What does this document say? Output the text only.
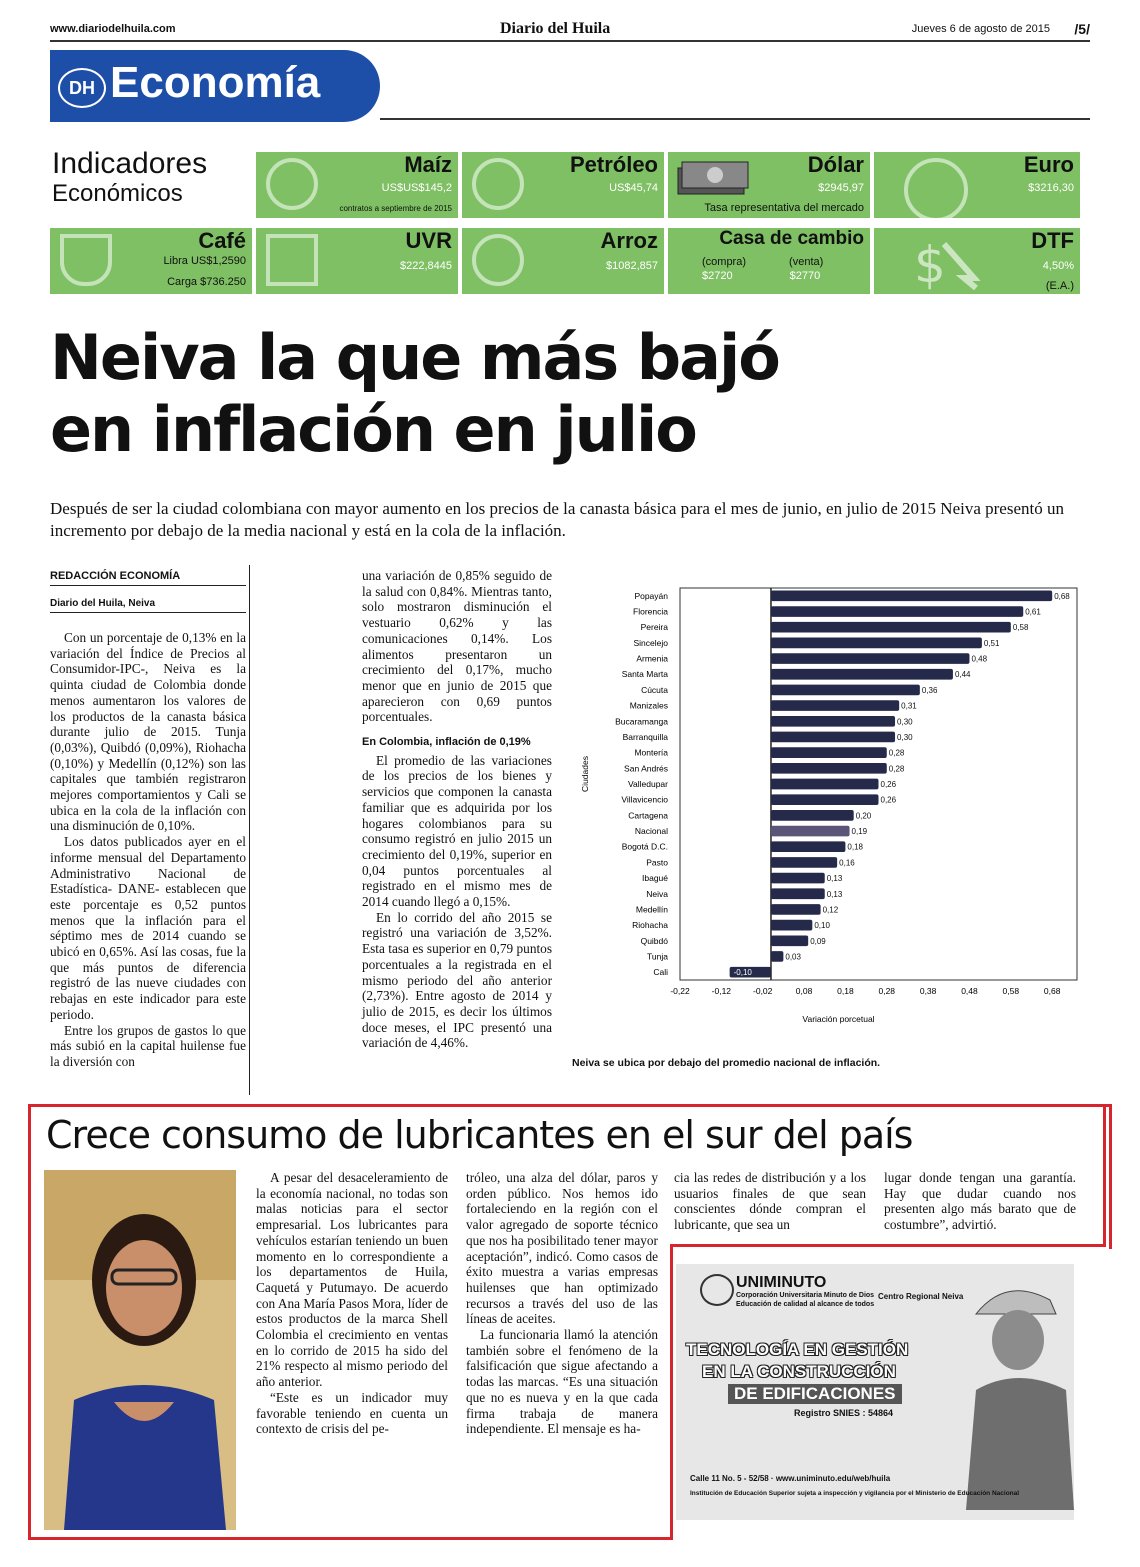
www.diariodelhuila.com	Diario del Huila	Jueves 6 de agosto de 2015 /5/
DH Economía
Indicadores
Económicos
Maíz
US$US$145,2
contratos a septiembre de 2015
Petróleo
US$45,74
Dólar
$2945,97
Tasa representativa del mercado
Euro
$3216,30
Café
Libra US$1,2590
Carga $736.250
UVR
$222,8445
Arroz
$1082,857
Casa de cambio
(compra) (venta)
$2720 $2770 $	DTF
4,50%
(E.A.)
Neiva la que más bajó
en inflación en julio
Después de ser la ciudad colombiana con mayor aumento en los precios de la canasta básica para el mes de junio, en julio de 2015 Neiva presentó un incremento por debajo de la media nacional y está en la cola de la inflación.
REDACCIÓN ECONOMÍA
Diario del Huila, Neiva

Con un porcentaje de 0,13% en la variación del Índice de Precios al Consumidor-IPC-, Neiva es la quinta ciudad de Colombia donde menos aumentaron los valores de los productos de la canasta básica durante julio de 2015. Tunja (0,03%), Quibdó (0,09%), Riohacha (0,10%) y Medellín (0,12%) son las capitales que también registraron mejores comportamientos y Cali se ubica en la cola de la inflación con una disminución de 0,10%.

Los datos publicados ayer en el informe mensual del Departamento Administrativo Nacional de Estadística- DANE- establecen que este porcentaje es 0,52 puntos menos que la inflación para el séptimo mes de 2014 cuando se ubicó en 0,65%. Así las cosas, fue la que más puntos de diferencia registró de las nueve ciudades con rebajas en este indicador para este periodo.

Entre los grupos de gastos lo que más subió en la capital huilense fue la diversión con

una variación de 0,85% seguido de la salud con 0,84%. Mientras tanto, solo mostraron disminución el vestuario 0,62% y las comunicaciones 0,14%. Los alimentos presentaron un crecimiento del 0,17%, mucho menor que en junio de 2015 que aparecieron con 0,69 puntos porcentuales.

En Colombia, inflación de 0,19%

El promedio de las variaciones de los precios de los bienes y servicios que componen la canasta familiar que es adquirida por los hogares colombianos para su consumo registró en julio 2015 un crecimiento del 0,19%, superior en 0,04 puntos porcentuales al registrado en el mismo mes de 2014 cuando llegó a 0,15%.

En lo corrido del año 2015 se registró una variación de 3,52%. Esta tasa es superior en 0,79 puntos porcentuales a la registrada en el mismo periodo del año anterior (2,73%). Entre agosto de 2014 y julio de 2015, es decir los últimos doce meses, el IPC presentó una variación de 4,46%.

Popayán	0,68
Florencia	0,61
Pereira	0,58
Sincelejo	0,51
Armenia	0,48
Santa Marta	0,44
Cúcuta	0,36
Manizales	0,31
Bucaramanga	0,30
Barranquilla	0,30
Montería	0,28
San Andrés	0,28
Valledupar	0,26
Villavicencio	0,26
Cartagena	0,20
Nacional	0,19
Bogotá D.C.	0,18
Pasto	0,16
Ibagué	0,13
Neiva	0,13
Medellín	0,12
Riohacha	0,10
Quibdó	0,09
Tunja	0,03
Cali	-0,10
-0,22	-0,12	-0,02	0,08	0,18	0,28	0,38	0,48	0,58	0,68
Variación porcetual
Ciudades
Neiva se ubica por debajo del promedio nacional de inflación.
Crece consumo de lubricantes en el sur del país

A pesar del desaceleramiento de la economía nacional, no todas son malas noticias para el sector empresarial. Los lubricantes para vehículos estarían teniendo un buen momento en lo correspondiente a los departamentos de Huila, Caquetá y Putumayo. De acuerdo con Ana María Pasos Mora, líder de estos productos de la marca Shell Colombia el crecimiento en ventas en lo corrido de 2015 ha sido del 21% respecto al mismo periodo del año anterior.

“Este es un indicador muy favorable teniendo en cuenta un contexto de crisis del pe-

tróleo, una alza del dólar, paros y orden público. Nos hemos ido fortaleciendo en la región con el valor agregado de soporte técnico que nos ha posibilitado tener mayor aceptación”, indicó. Como casos de éxito muestra a varias empresas huilenses que han optimizado recursos a través del uso de las líneas de aceites.

La funcionaria llamó la atención también sobre el fenómeno de la falsificación que sigue afectando a todas las marcas. “Es una situación que no es nueva y en la que cada firma trabaja de manera independiente. El mensaje es ha-

cia las redes de distribución y a los usuarios finales de que sean conscientes dónde compran el lubricante, que sea un

lugar donde tengan una garantía. Hay que dudar cuando nos presenten algo más barato que de costumbre”, advirtió.

UNIMINUTO
Corporación Universitaria Minuto de Dios
Educación de calidad al alcance de todos
Centro Regional Neiva
TECNOLOGÍA EN GESTIÓN
EN LA CONSTRUCCIÓN
DE EDIFICACIONES
Registro SNIES : 54864
Calle 11 No. 5 - 52/58 · www.uniminuto.edu/web/huila
Institución de Educación Superior sujeta a inspección y vigilancia por el Ministerio de Educación Nacional
